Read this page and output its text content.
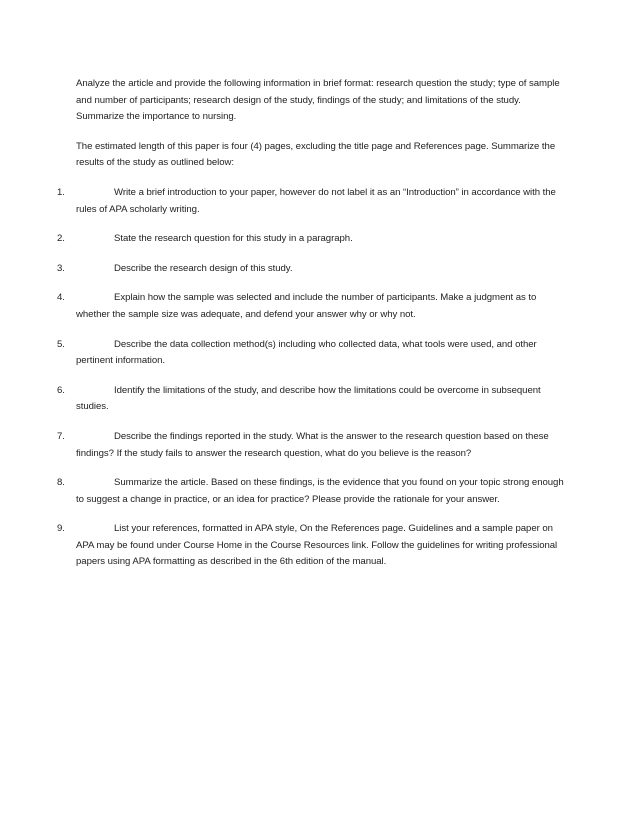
Analyze the article and provide the following information in brief format: research question the study; type of sample and number of participants; research design of the study, findings of the study; and limitations of the study. Summarize the importance to nursing.

The estimated length of this paper is four (4) pages, excluding the title page and References page. Summarize the results of the study as outlined below:

1.	Write a brief introduction to your paper, however do not label it as an “Introduction” in accordance with the rules of APA scholarly writing.
2.	State the research question for this study in a paragraph.
3.	Describe the research design of this study.
4.	Explain how the sample was selected and include the number of participants. Make a judgment as to whether the sample size was adequate, and defend your answer why or why not.
5.	Describe the data collection method(s) including who collected data, what tools were used, and other pertinent information.
6.	Identify the limitations of the study, and describe how the limitations could be overcome in subsequent studies.
7.	Describe the findings reported in the study. What is the answer to the research question based on these findings? If the study fails to answer the research question, what do you believe is the reason?
8.	Summarize the article. Based on these findings, is the evidence that you found on your topic strong enough to suggest a change in practice, or an idea for practice? Please provide the rationale for your answer.
9.	List your references, formatted in APA style, On the References page. Guidelines and a sample paper on APA may be found under Course Home in the Course Resources link. Follow the guidelines for writing professional papers using APA formatting as described in the 6th edition of the manual.
